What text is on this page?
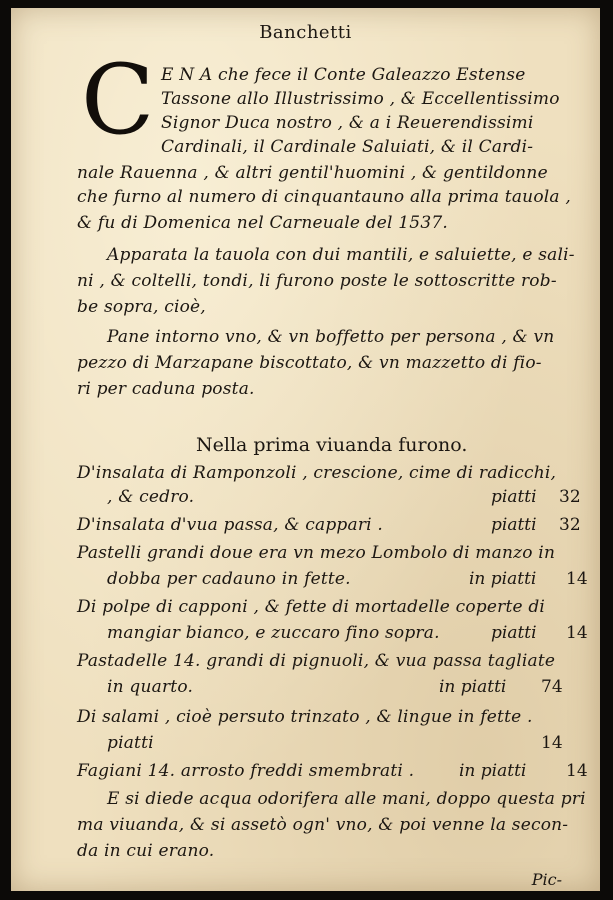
Banchetti
C E N A che fece il Conte Galeazzo Estense
Tassone allo Illustrissimo , & Eccellentissimo
Signor Duca nostro , & a i Reuerendissimi
Cardinali, il Cardinale Saluiati, & il Cardi-
nale Rauenna , & altri gentil'huomini , & gentildonne
che furno al numero di cinquantauno alla prima tauola ,
& fu di Domenica nel Carneuale del 1537.
Apparata la tauola con dui mantili, e saluiette, e sali-
ni , & coltelli, tondi, li furono poste le sottoscritte rob-
be sopra, cioè,
Pane intorno vno, & vn boffetto per persona , & vn
pezzo di Marzapane biscottato, & vn mazzetto di fio-
ri per caduna posta.
Nella prima viuanda furono.
D'insalata di Ramponzoli , crescione, cime di radicchi,
, & cedro.	piatti 32
D'insalata d'vua passa, & cappari .	piatti 32
Pastelli grandi doue era vn mezo Lombolo di manzo in
dobba per cadauno in fette.	in piatti 14
Di polpe di capponi , & fette di mortadelle coperte di
mangiar bianco, e zuccaro fino sopra.	piatti 14
Pastadelle 14. grandi di pignuoli, & vua passa tagliate
in quarto.	in piatti 74
Di salami , cioè persuto trinzato , & lingue in fette .
piatti	14
Fagiani 14. arrosto freddi smembrati .	in piatti 14
E si diede acqua odorifera alle mani, doppo questa pri
ma viuanda, & si assetò ogn' vno, & poi venne la secon-
da in cui erano.
Pic-
